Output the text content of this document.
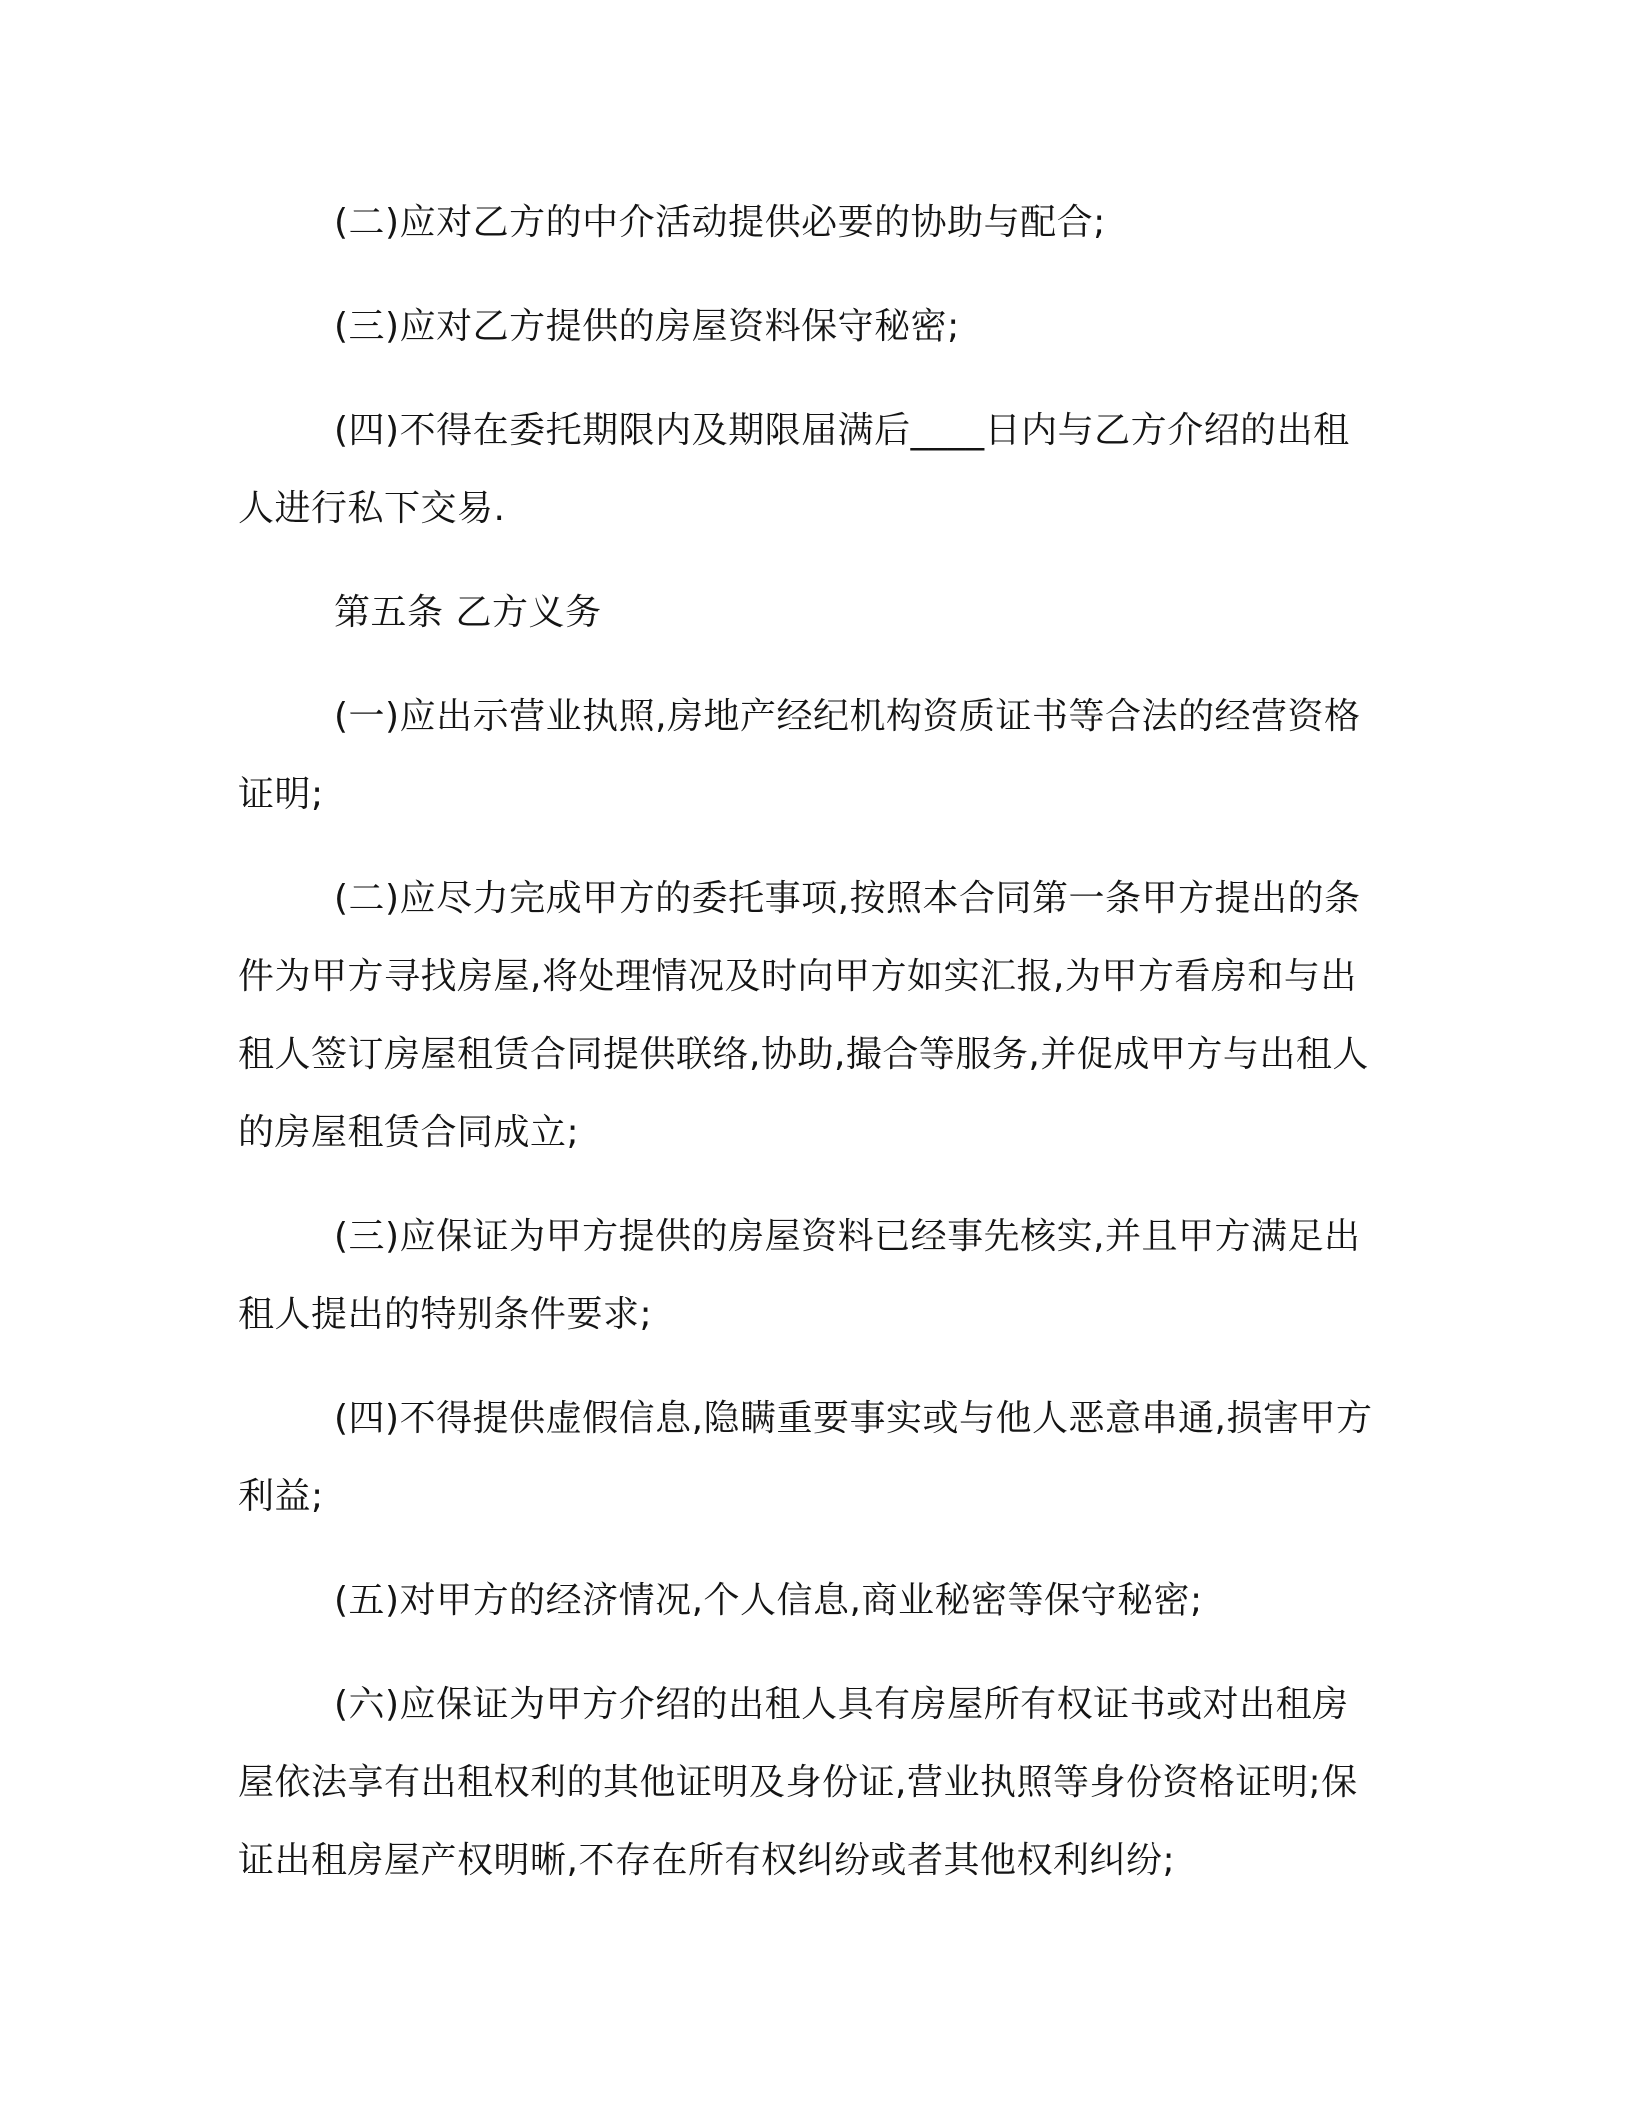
(二)应对乙方的中介活动提供必要的协助与配合;

(三)应对乙方提供的房屋资料保守秘密;

(四)不得在委托期限内及期限届满后____日内与乙方介绍的出租人进行私下交易.

第五条 乙方义务

(一)应出示营业执照,房地产经纪机构资质证书等合法的经营资格证明;

(二)应尽力完成甲方的委托事项,按照本合同第一条甲方提出的条件为甲方寻找房屋,将处理情况及时向甲方如实汇报,为甲方看房和与出租人签订房屋租赁合同提供联络,协助,撮合等服务,并促成甲方与出租人的房屋租赁合同成立;

(三)应保证为甲方提供的房屋资料已经事先核实,并且甲方满足出租人提出的特别条件要求;

(四)不得提供虚假信息,隐瞒重要事实或与他人恶意串通,损害甲方利益;

(五)对甲方的经济情况,个人信息,商业秘密等保守秘密;

(六)应保证为甲方介绍的出租人具有房屋所有权证书或对出租房屋依法享有出租权利的其他证明及身份证,营业执照等身份资格证明;保证出租房屋产权明晰,不存在所有权纠纷或者其他权利纠纷;
